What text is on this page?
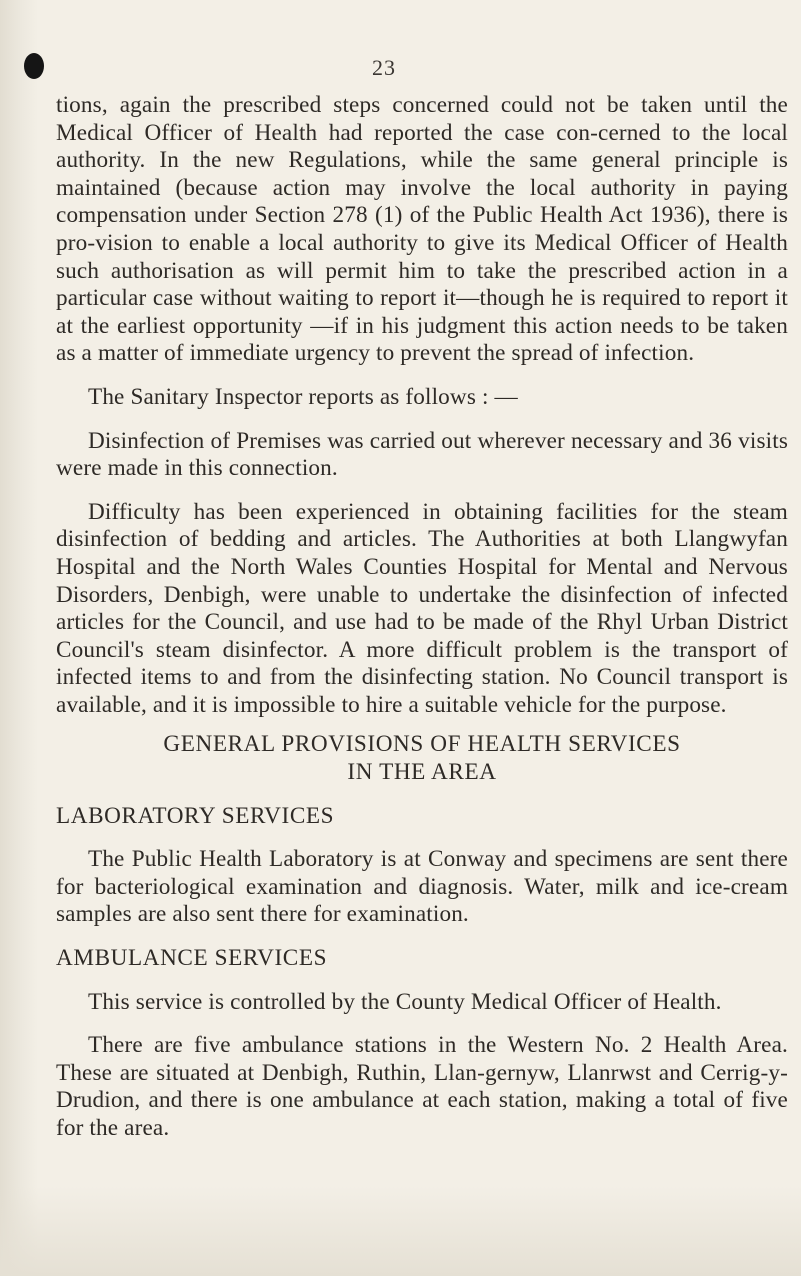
23

tions, again the prescribed steps concerned could not be taken until the Medical Officer of Health had reported the case con-cerned to the local authority. In the new Regulations, while the same general principle is maintained (because action may involve the local authority in paying compensation under Section 278 (1) of the Public Health Act 1936), there is pro-vision to enable a local authority to give its Medical Officer of Health such authorisation as will permit him to take the prescribed action in a particular case without waiting to report it—though he is required to report it at the earliest opportunity —if in his judgment this action needs to be taken as a matter of immediate urgency to prevent the spread of infection.

The Sanitary Inspector reports as follows : —

Disinfection of Premises was carried out wherever necessary and 36 visits were made in this connection.

Difficulty has been experienced in obtaining facilities for the steam disinfection of bedding and articles. The Authorities at both Llangwyfan Hospital and the North Wales Counties Hospital for Mental and Nervous Disorders, Denbigh, were unable to undertake the disinfection of infected articles for the Council, and use had to be made of the Rhyl Urban District Council's steam disinfector. A more difficult problem is the transport of infected items to and from the disinfecting station. No Council transport is available, and it is impossible to hire a suitable vehicle for the purpose.

GENERAL PROVISIONS OF HEALTH SERVICES
IN THE AREA
LABORATORY SERVICES

The Public Health Laboratory is at Conway and specimens are sent there for bacteriological examination and diagnosis. Water, milk and ice-cream samples are also sent there for examination.

AMBULANCE SERVICES

This service is controlled by the County Medical Officer of Health.

There are five ambulance stations in the Western No. 2 Health Area. These are situated at Denbigh, Ruthin, Llan-gernyw, Llanrwst and Cerrig-y-Drudion, and there is one ambulance at each station, making a total of five for the area.
